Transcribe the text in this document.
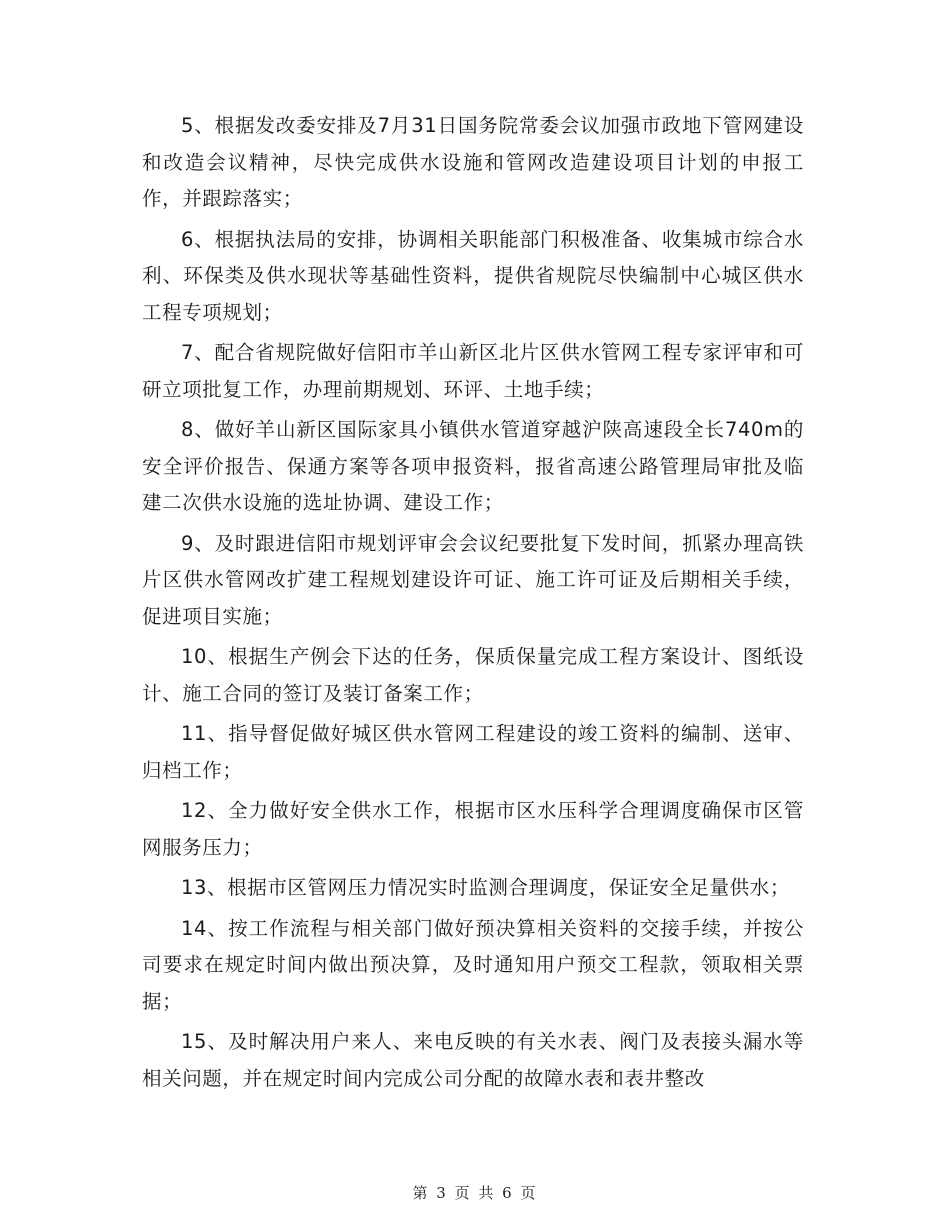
5、根据发改委安排及7月31日国务院常委会议加强市政地下管网建设和改造会议精神，尽快完成供水设施和管网改造建设项目计划的申报工作，并跟踪落实；

6、根据执法局的安排，协调相关职能部门积极准备、收集城市综合水利、环保类及供水现状等基础性资料，提供省规院尽快编制中心城区供水工程专项规划；

7、配合省规院做好信阳市羊山新区北片区供水管网工程专家评审和可研立项批复工作，办理前期规划、环评、土地手续；

8、做好羊山新区国际家具小镇供水管道穿越沪陕高速段全长740m的安全评价报告、保通方案等各项申报资料，报省高速公路管理局审批及临建二次供水设施的选址协调、建设工作；

9、及时跟进信阳市规划评审会会议纪要批复下发时间，抓紧办理高铁片区供水管网改扩建工程规划建设许可证、施工许可证及后期相关手续，促进项目实施；

10、根据生产例会下达的任务，保质保量完成工程方案设计、图纸设计、施工合同的签订及装订备案工作；

11、指导督促做好城区供水管网工程建设的竣工资料的编制、送审、归档工作；

12、全力做好安全供水工作，根据市区水压科学合理调度确保市区管网服务压力；

13、根据市区管网压力情况实时监测合理调度，保证安全足量供水；

14、按工作流程与相关部门做好预决算相关资料的交接手续，并按公司要求在规定时间内做出预决算，及时通知用户预交工程款，领取相关票据；

15、及时解决用户来人、来电反映的有关水表、阀门及表接头漏水等相关问题，并在规定时间内完成公司分配的故障水表和表井整改

第 3 页 共 6 页
